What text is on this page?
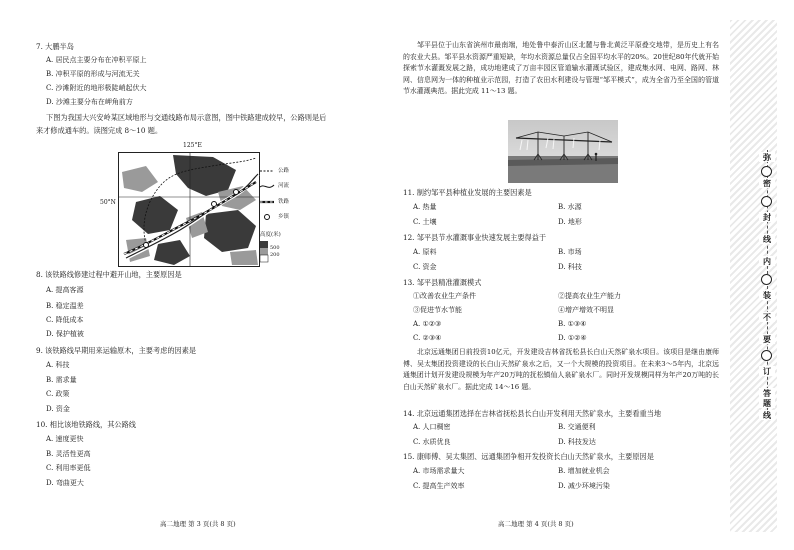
7. 大鹏半岛
A. 居民点主要分布在冲积平原上
B. 冲积平原的形成与河流无关
C. 沙滩附近的地形极陡峭起伏大
D. 沙滩主要分布在岬角前方
下图为我国大兴安岭某区域地形与交通线路布局示意图，图中铁路建成较早，公路则是后
来才修成通车的。读图完成 8～10 题。
125°E
50°N
公路
河流
铁路
乡镇
高度(米)
500
200
8. 该铁路线修建过程中避开山地，主要原因是
A. 提高客源
B. 稳定温差
C. 降低成本
D. 保护植被
9. 该铁路线早期用来运输原木，主要考虑的因素是
A. 科技
B. 需求量
C. 政策
D. 资金
10. 相比该地铁路线，其公路线
A. 速度更快
B. 灵活性更高
C. 利用率更低
D. 弯曲更大
高二地理 第 3 页(共 8 页)
邹平县位于山东省滨州市最南端，地处鲁中泰沂山区北麓与鲁北黄泛平原叠交地带，是历史上有名的农业大县。邹平县水资源严重短缺，年均水资源总量仅占全国平均水平的20%。20世纪80年代就开始探索节水灌溉发展之路，成功地建成了万亩丰园区管道输水灌溉试验区，建成集水网、电网、路网、林网、信息网为一体的种植业示范园，打造了农田水利建设与管理“邹平模式”，成为全省乃至全国的管道节水灌溉典范。据此完成 11～13 题。
11. 制约邹平县种植业发展的主要因素是
A. 热量	B. 水源
C. 土壤	D. 地形
12. 邹平县节水灌溉事业快速发展主要得益于
A. 原料	B. 市场
C. 资金	D. 科技
13. 邹平县精准灌溉模式
①改善农业生产条件	②提高农业生产能力
③促进节水节能	④增产增效不明显
A. ①②③	B. ①③④
C. ②③④	D. ①②④
北京远通集团日前投资10亿元，开发建设吉林省抚松县长白山天然矿泉水项目。该项目是继由康师傅、吴太集团投资建设的长白山天然矿泉水之后，又一个大规模的投资项目。在未来3～5年内，北京远通集团计划开发建设规模为年产20万吨的抚松镇仙人泉矿泉水厂。同时开发规模同样为年产20万吨的长白山天然矿泉水厂。据此完成 14～16 题。
14. 北京远通集团选择在吉林省抚松县长白山开发利用天然矿泉水，主要看重当地
A. 人口稠密	B. 交通便利
C. 水质优良	D. 科技发达
15. 康师傅、吴太集团、远通集团争相开发投资长白山天然矿泉水，主要原因是
A. 市场需求量大	B. 增加就业机会
C. 提高生产效率	D. 减少环境污染
高二地理 第 4 页(共 8 页)
弥
密
封
线
内
装
不
要
订
答
题
线
